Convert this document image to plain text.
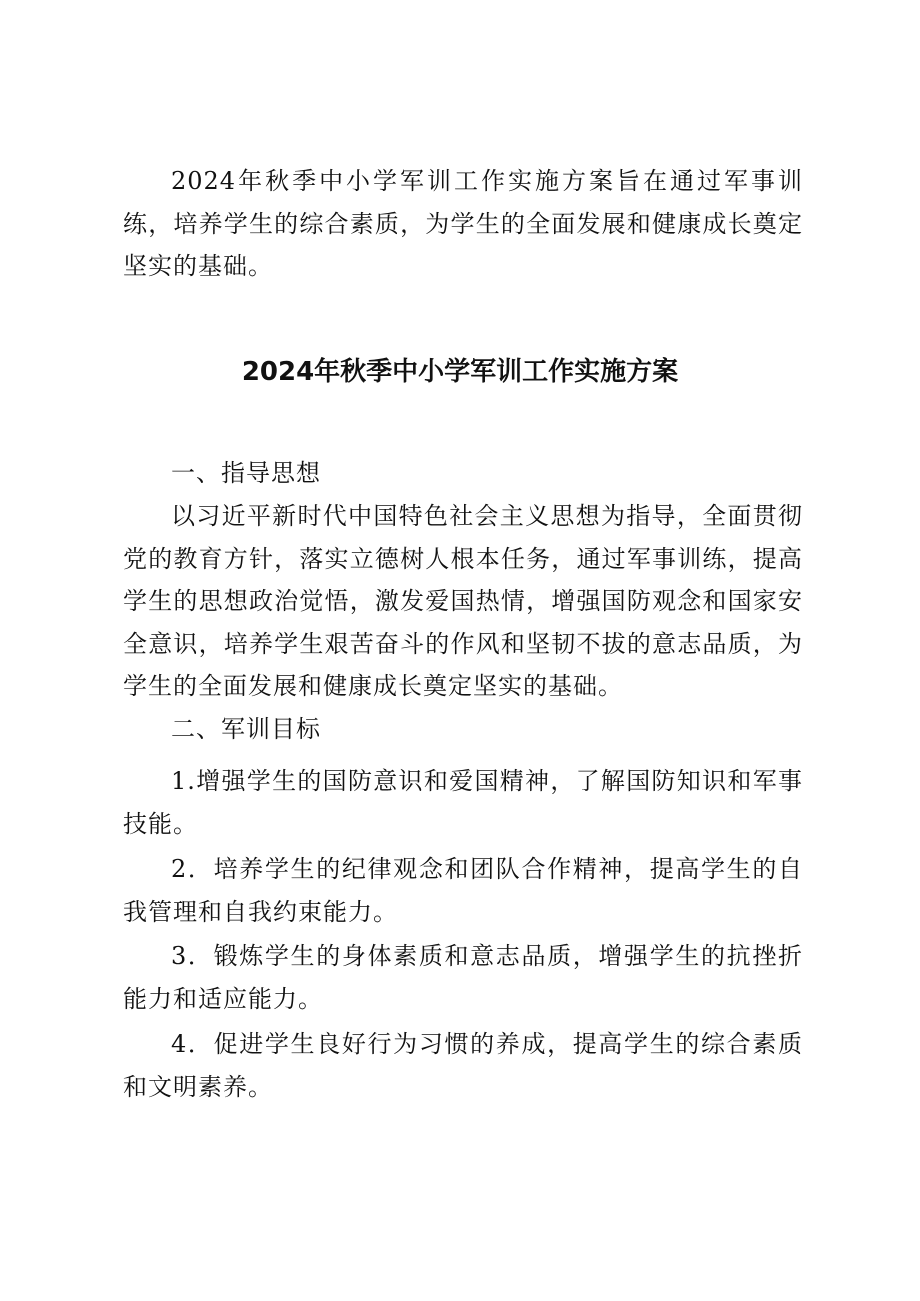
2024年秋季中小学军训工作实施方案旨在通过军事训练，培养学生的综合素质，为学生的全面发展和健康成长奠定坚实的基础。

2024年秋季中小学军训工作实施方案

一、指导思想

以习近平新时代中国特色社会主义思想为指导，全面贯彻党的教育方针，落实立德树人根本任务，通过军事训练，提高学生的思想政治觉悟，激发爱国热情，增强国防观念和国家安全意识，培养学生艰苦奋斗的作风和坚韧不拔的意志品质，为学生的全面发展和健康成长奠定坚实的基础。

二、军训目标

1.增强学生的国防意识和爱国精神，了解国防知识和军事技能。

2．培养学生的纪律观念和团队合作精神，提高学生的自我管理和自我约束能力。

3．锻炼学生的身体素质和意志品质，增强学生的抗挫折能力和适应能力。

4．促进学生良好行为习惯的养成，提高学生的综合素质和文明素养。
